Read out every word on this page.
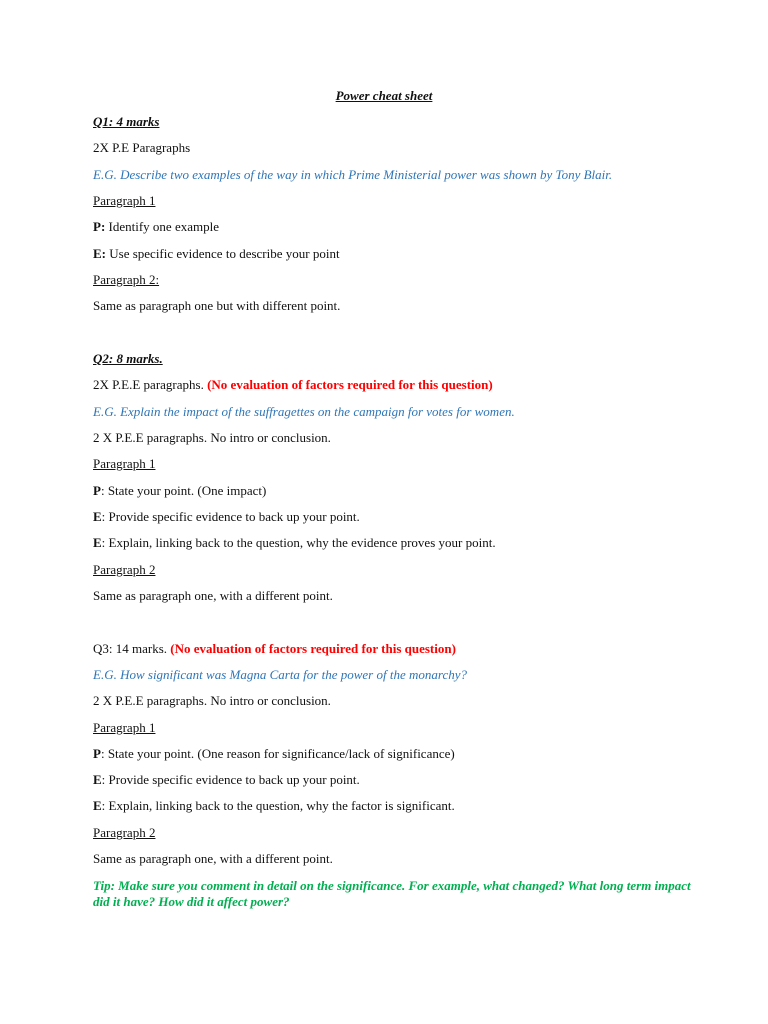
Power cheat sheet
Q1: 4 marks
2X P.E Paragraphs
E.G. Describe two examples of the way in which Prime Ministerial power was shown by Tony Blair.
Paragraph 1
P: Identify one example
E: Use specific evidence to describe your point
Paragraph 2:
Same as paragraph one but with different point.
Q2: 8 marks.
2X P.E.E paragraphs. (No evaluation of factors required for this question)
E.G. Explain the impact of the suffragettes on the campaign for votes for women.
2 X P.E.E paragraphs. No intro or conclusion.
Paragraph 1
P: State your point. (One impact)
E: Provide specific evidence to back up your point.
E: Explain, linking back to the question, why the evidence proves your point.
Paragraph 2
Same as paragraph one, with a different point.
Q3: 14 marks. (No evaluation of factors required for this question)
E.G. How significant was Magna Carta for the power of the monarchy?
2 X P.E.E paragraphs. No intro or conclusion.
Paragraph 1
P: State your point. (One reason for significance/lack of significance)
E: Provide specific evidence to back up your point.
E: Explain, linking back to the question, why the factor is significant.
Paragraph 2
Same as paragraph one, with a different point.
Tip: Make sure you comment in detail on the significance. For example, what changed? What long term impact did it have? How did it affect power?
